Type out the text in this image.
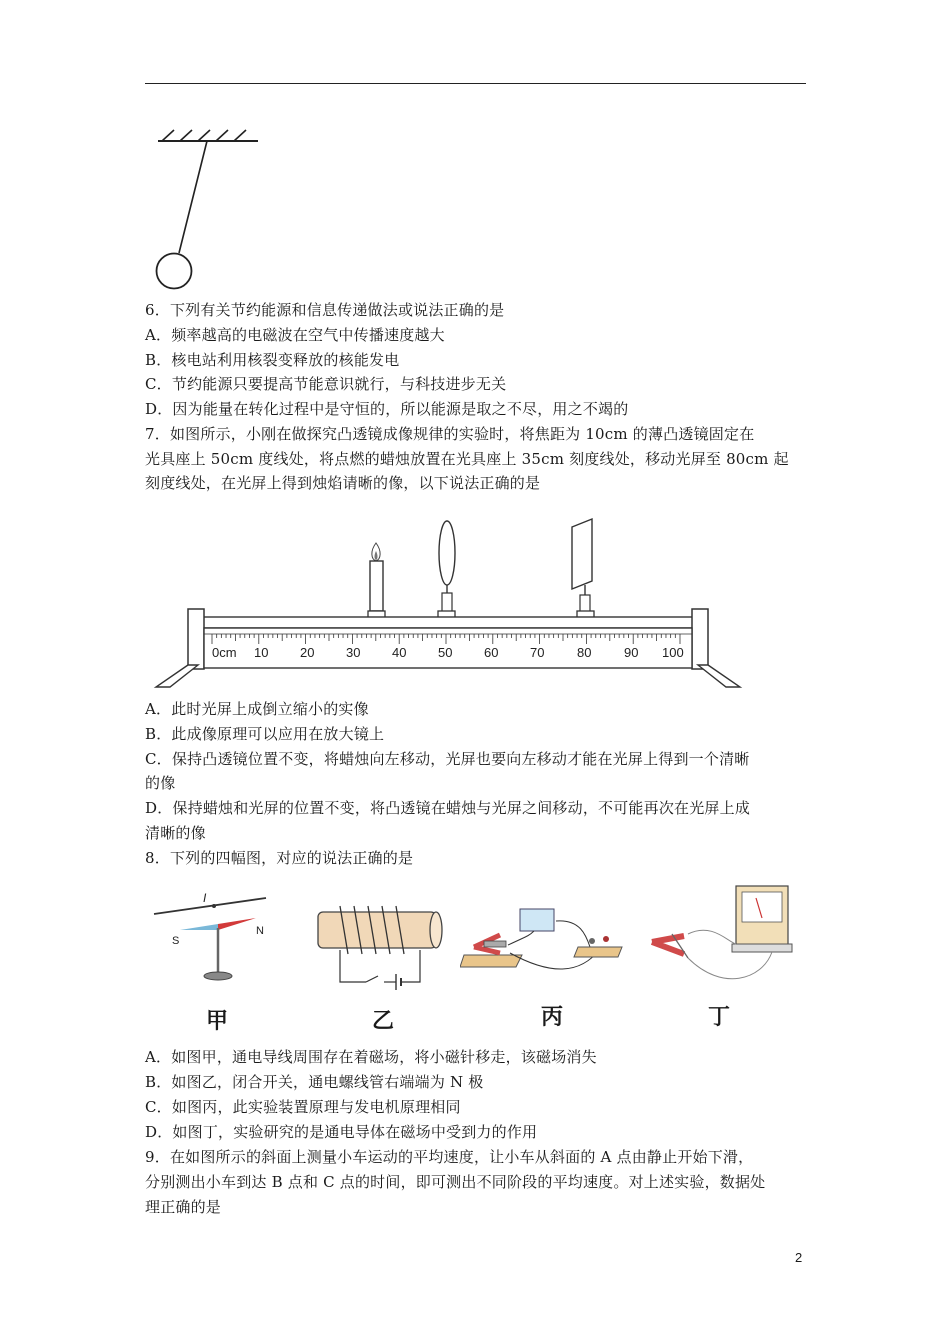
6．下列有关节约能源和信息传递做法或说法正确的是
A．频率越高的电磁波在空气中传播速度越大
B．核电站利用核裂变释放的核能发电
C．节约能源只要提高节能意识就行，与科技进步无关
D．因为能量在转化过程中是守恒的，所以能源是取之不尽，用之不竭的
7．如图所示，小刚在做探究凸透镜成像规律的实验时，将焦距为 10cm 的薄凸透镜固定在
光具座上 50cm 度线处，将点燃的蜡烛放置在光具座上 35cm 刻度线处，移动光屏至 80cm 起
刻度线处，在光屏上得到烛焰请晰的像，以下说法正确的是
0cm 10 20 30 40 50 60 70	80	90 100
A．此时光屏上成倒立缩小的实像
B．此成像原理可以应用在放大镜上
C．保持凸透镜位置不变，将蜡烛向左移动，光屏也要向左移动才能在光屏上得到一个清晰
的像
D．保持蜡烛和光屏的位置不变，将凸透镜在蜡烛与光屏之间移动，不可能再次在光屏上成
清晰的像
8．下列的四幅图，对应的说法正确的是
I
S
N
甲	乙	丙	丁
A．如图甲，通电导线周围存在着磁场，将小磁针移走，该磁场消失
B．如图乙，闭合开关，通电螺线管右端端为 N 极
C．如图丙，此实验装置原理与发电机原理相同
D．如图丁，实验研究的是通电导体在磁场中受到力的作用
9．在如图所示的斜面上测量小车运动的平均速度，让小车从斜面的 A 点由静止开始下滑，
分别测出小车到达 B 点和 C 点的时间，即可测出不同阶段的平均速度。对上述实验，数据处
理正确的是
2
